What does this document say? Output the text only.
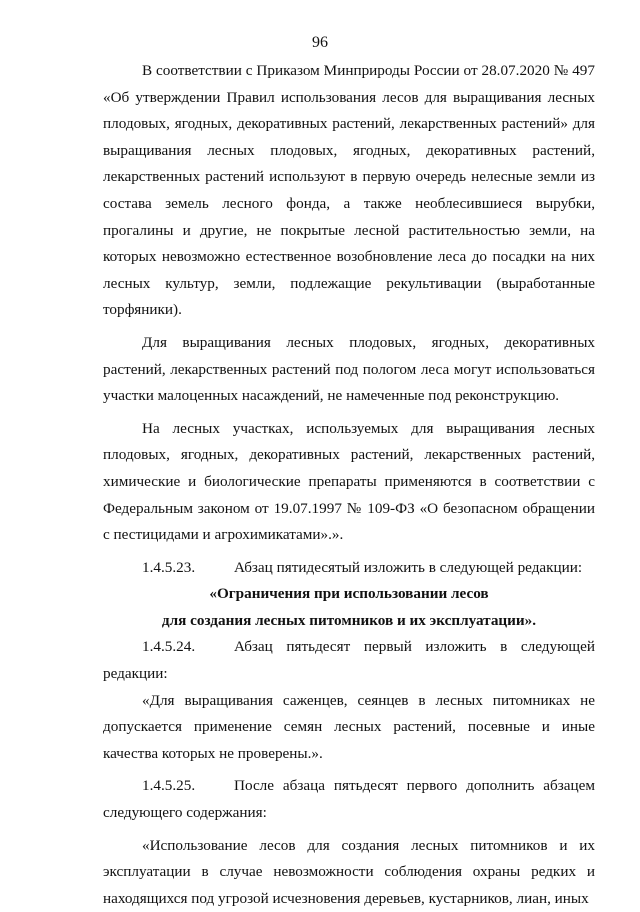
96

В соответствии с Приказом Минприроды России от 28.07.2020 № 497 «Об утверждении Правил использования лесов для выращивания лесных плодовых, ягодных, декоративных растений, лекарственных растений» для выращивания лесных плодовых, ягодных, декоративных растений, лекарственных растений используют в первую очередь нелесные земли из состава земель лесного фонда, а также необлесившиеся вырубки, прогалины и другие, не покрытые лесной растительностью земли, на которых невозможно естественное возобновление леса до посадки на них лесных культур, земли, подлежащие рекультивации (выработанные торфяники).

Для выращивания лесных плодовых, ягодных, декоративных растений, лекарственных растений под пологом леса могут использоваться участки малоценных насаждений, не намеченные под реконструкцию.

На лесных участках, используемых для выращивания лесных плодовых, ягодных, декоративных растений, лекарственных растений, химические и биологические препараты применяются в соответствии с Федеральным законом от 19.07.1997 № 109-ФЗ «О безопасном обращении с пестицидами и агрохимикатами».».

1.4.5.23.	Абзац пятидесятый изложить в следующей редакции:

«Ограничения при использовании лесов
для создания лесных питомников и их эксплуатации».

1.4.5.24.	Абзац пятьдесят первый изложить в следующей редакции:

«Для выращивания саженцев, сеянцев в лесных питомниках не допускается применение семян лесных растений, посевные и иные качества которых не проверены.».

1.4.5.25.	После абзаца пятьдесят первого дополнить абзацем следующего содержания:

«Использование лесов для создания лесных питомников и их эксплуатации в случае невозможности соблюдения охраны редких и находящихся под угрозой исчезновения деревьев, кустарников, лиан, иных
